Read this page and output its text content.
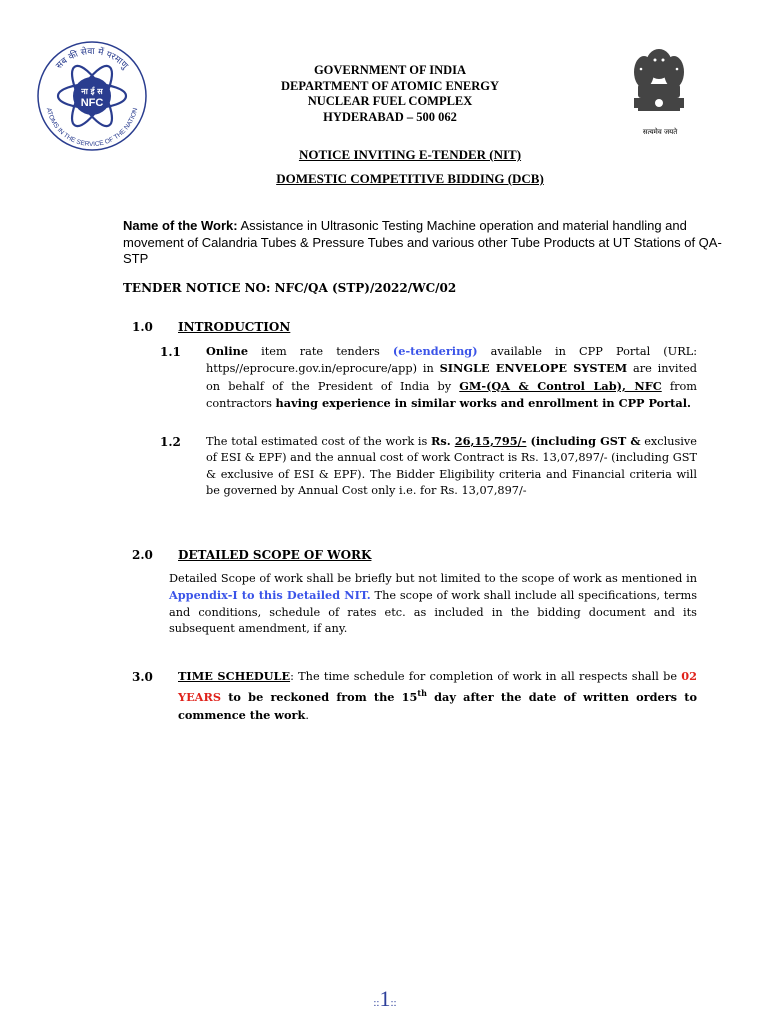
सब की सेवा में परमाणु
ना ई स
NFC
ATOMS IN THE SERVICE OF THE NATION
GOVERNMENT OF INDIA
DEPARTMENT OF ATOMIC ENERGY
NUCLEAR FUEL COMPLEX
HYDERABAD – 500 062
सत्यमेव जयते
NOTICE INVITING E-TENDER (NIT)
DOMESTIC COMPETITIVE BIDDING (DCB)
Name of the Work: Assistance in Ultrasonic Testing Machine operation and material handling and movement of Calandria Tubes & Pressure Tubes and various other Tube Products at UT Stations of QA-STP
TENDER NOTICE NO: NFC/QA (STP)/2022/WC/02
1.0 INTRODUCTION
1.1 Online item rate tenders (e-tendering) available in CPP Portal (URL: https//eprocure.gov.in/eprocure/app) in SINGLE ENVELOPE SYSTEM are invited on behalf of the President of India by GM-(QA & Control Lab), NFC from contractors having experience in similar works and enrollment in CPP Portal.
1.2 The total estimated cost of the work is Rs. 26,15,795/- (including GST & exclusive of ESI & EPF) and the annual cost of work Contract is Rs. 13,07,897/- (including GST & exclusive of ESI & EPF). The Bidder Eligibility criteria and Financial criteria will be governed by Annual Cost only i.e. for Rs. 13,07,897/-
2.0 DETAILED SCOPE OF WORK
Detailed Scope of work shall be briefly but not limited to the scope of work as mentioned in Appendix-I to this Detailed NIT. The scope of work shall include all specifications, terms and conditions, schedule of rates etc. as included in the bidding document and its subsequent amendment, if any.
3.0 TIME SCHEDULE: The time schedule for completion of work in all respects shall be 02 YEARS to be reckoned from the 15th day after the date of written orders to commence the work.
::1::
